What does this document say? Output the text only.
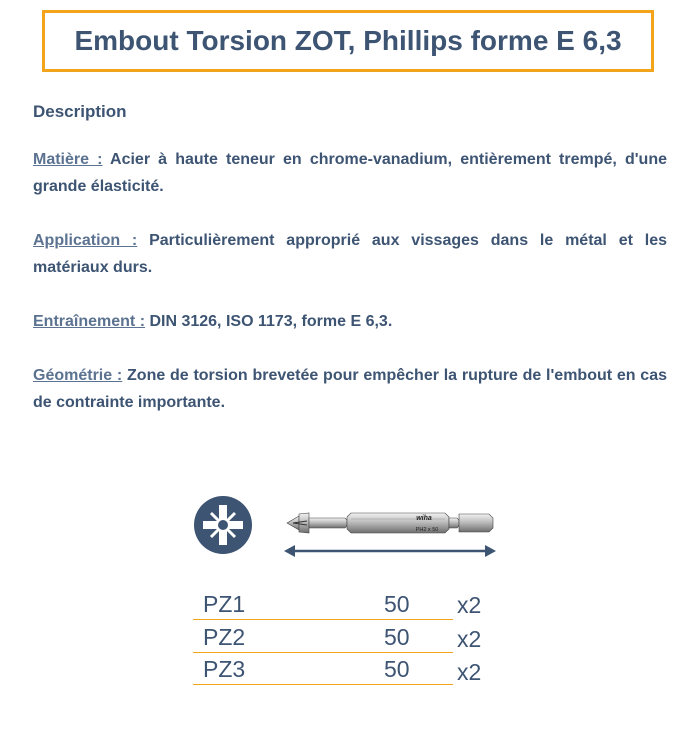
Embout Torsion ZOT, Phillips forme E 6,3
Description

Matière : Acier à haute teneur en chrome-vanadium, entièrement trempé, d'une grande élasticité.

Application : Particulièrement approprié aux vissages dans le métal et les matériaux durs.

Entraînement : DIN 3126, ISO 1173, forme E 6,3.

Géométrie : Zone de torsion brevetée pour empêcher la rupture de l'embout en cas de contrainte importante.

wiha
PH2 x 50
PZ1	50 x2
PZ2	50 x2
PZ3	50 x2
